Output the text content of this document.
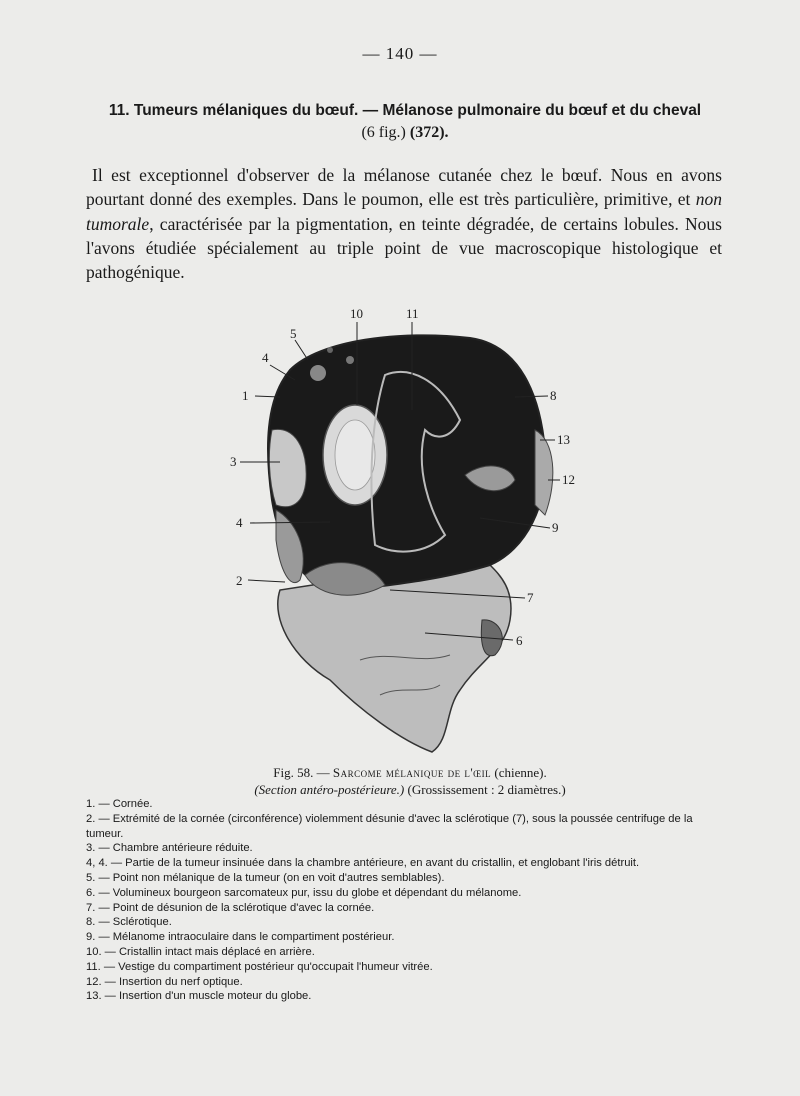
— 140 —
11. Tumeurs mélaniques du bœuf. — Mélanose pulmonaire du bœuf et du cheval
(6 fig.) (372).

Il est exceptionnel d'observer de la mélanose cutanée chez le bœuf. Nous en avons pourtant donné des exemples. Dans le poumon, elle est très particulière, primitive, et non tumorale, caractérisée par la pigmentation, en teinte dégradée, de certains lobules. Nous l'avons étudiée spécialement au triple point de vue macroscopique histologique et pathogénique.

10	11
5
4
1	8
13
3
12
4	9
2
7
6
Fig. 58. — Sarcome mélanique de l'œil (chienne).
(Section antéro-postérieure.) (Grossissement : 2 diamètres.)
1. — Cornée.
2. — Extrémité de la cornée (circonférence) violemment désunie d'avec la sclérotique (7), sous la poussée centrifuge de la tumeur.
3. — Chambre antérieure réduite.
4, 4. — Partie de la tumeur insinuée dans la chambre antérieure, en avant du cristallin, et englobant l'iris détruit.
5. — Point non mélanique de la tumeur (on en voit d'autres semblables).
6. — Volumineux bourgeon sarcomateux pur, issu du globe et dépendant du mélanome.
7. — Point de désunion de la sclérotique d'avec la cornée.
8. — Sclérotique.
9. — Mélanome intraoculaire dans le compartiment postérieur.
10. — Cristallin intact mais déplacé en arrière.
11. — Vestige du compartiment postérieur qu'occupait l'humeur vitrée.
12. — Insertion du nerf optique.
13. — Insertion d'un muscle moteur du globe.
